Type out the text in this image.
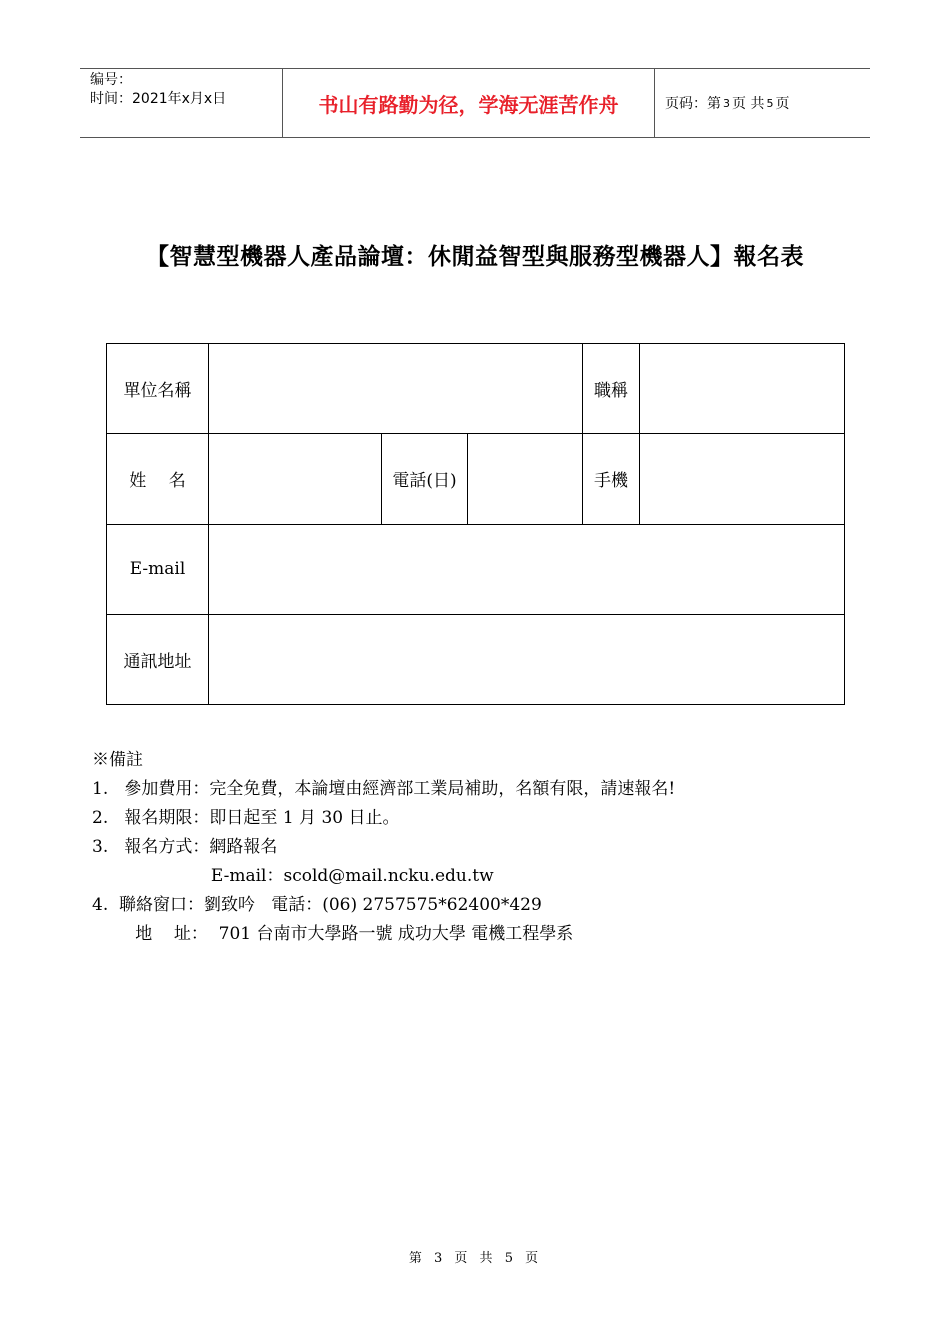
编号：
时间：2021年x月x日	书山有路勤为径，学海无涯苦作舟	页码：第 3 页 共 5 页
【智慧型機器人產品論壇：休閒益智型與服務型機器人】報名表
單位名稱				職稱	
姓　 名		電話(日)		手機	
E-mail					
通訊地址					
※備註
1.   參加費用：完全免費，本論壇由經濟部工業局補助，名額有限，請速報名!
2.   報名期限：即日起至 1 月 30 日止。
3.   報名方式：網路報名
E-mail：scold@mail.ncku.edu.tw
4.  聯絡窗口：劉致吟   電話：(06) 2757575*62400*429
地    址：  701 台南市大學路一號 成功大學 電機工程學系
第 3 页 共 5 页
